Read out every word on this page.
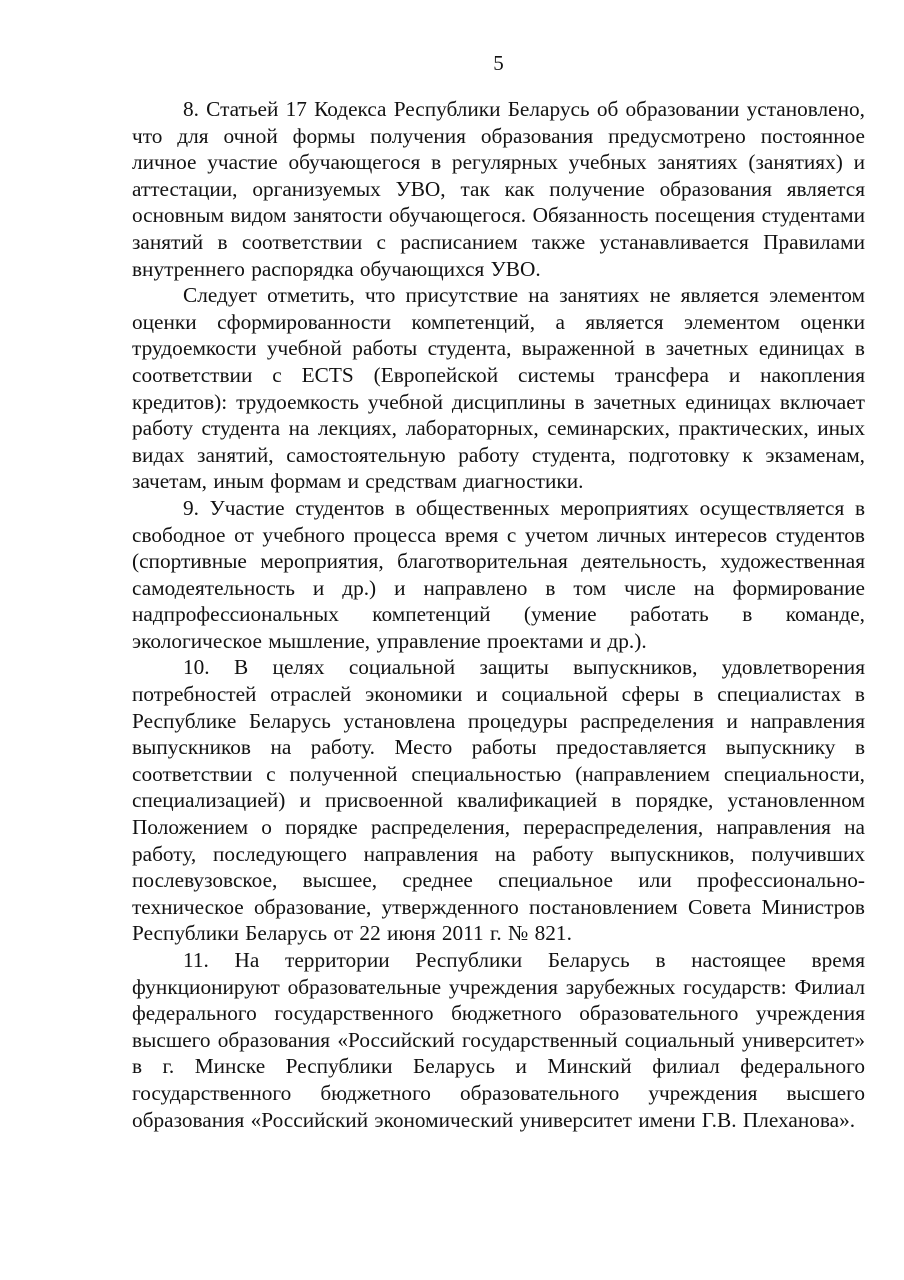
5

8. Статьей 17 Кодекса Республики Беларусь об образовании установлено, что для очной формы получения образования предусмотрено постоянное личное участие обучающегося в регулярных учебных занятиях (занятиях) и аттестации, организуемых УВО, так как получение образования является основным видом занятости обучающегося. Обязанность посещения студентами занятий в соответствии с расписанием также устанавливается Правилами внутреннего распорядка обучающихся УВО.

Следует отметить, что присутствие на занятиях не является элементом оценки сформированности компетенций, а является элементом оценки трудоемкости учебной работы студента, выраженной в зачетных единицах в соответствии с ECTS (Европейской системы трансфера и накопления кредитов): трудоемкость учебной дисциплины в зачетных единицах включает работу студента на лекциях, лабораторных, семинарских, практических, иных видах занятий, самостоятельную работу студента, подготовку к экзаменам, зачетам, иным формам и средствам диагностики.

9. Участие студентов в общественных мероприятиях осуществляется в свободное от учебного процесса время с учетом личных интересов студентов (спортивные мероприятия, благотворительная деятельность, художественная самодеятельность и др.) и направлено в том числе на формирование надпрофессиональных компетенций (умение работать в команде, экологическое мышление, управление проектами и др.).

10. В целях социальной защиты выпускников, удовлетворения потребностей отраслей экономики и социальной сферы в специалистах в Республике Беларусь установлена процедуры распределения и направления выпускников на работу. Место работы предоставляется выпускнику в соответствии с полученной специальностью (направлением специальности, специализацией) и присвоенной квалификацией в порядке, установленном Положением о порядке распределения, перераспределения, направления на работу, последующего направления на работу выпускников, получивших послевузовское, высшее, среднее специальное или профессионально-техническое образование, утвержденного постановлением Совета Министров Республики Беларусь от 22 июня 2011 г. № 821.

11. На территории Республики Беларусь в настоящее время функционируют образовательные учреждения зарубежных государств: Филиал федерального государственного бюджетного образовательного учреждения высшего образования «Российский государственный социальный университет» в г. Минске Республики Беларусь и Минский филиал федерального государственного бюджетного образовательного учреждения высшего образования «Российский экономический университет имени Г.В. Плеханова».
